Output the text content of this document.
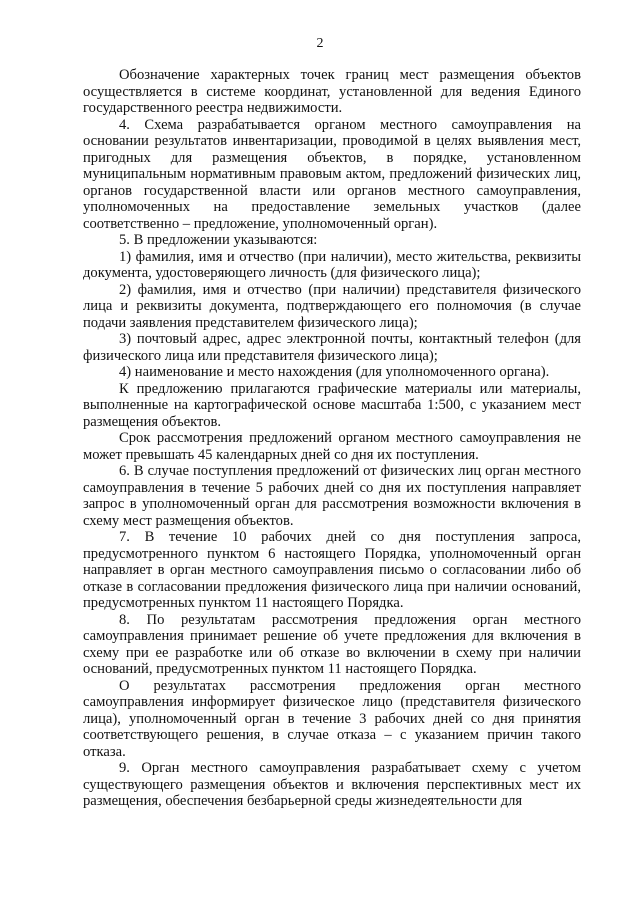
2

Обозначение характерных точек границ мест размещения объектов осуществляется в системе координат, установленной для ведения Единого государственного реестра недвижимости.

4. Схема разрабатывается органом местного самоуправления на основании результатов инвентаризации, проводимой в целях выявления мест, пригодных для размещения объектов, в порядке, установленном муниципальным нормативным правовым актом, предложений физических лиц, органов государственной власти или органов местного самоуправления, уполномоченных на предоставление земельных участков (далее соответственно – предложение, уполномоченный орган).

5. В предложении указываются:

1) фамилия, имя и отчество (при наличии), место жительства, реквизиты документа, удостоверяющего личность (для физического лица);

2) фамилия, имя и отчество (при наличии) представителя физического лица и реквизиты документа, подтверждающего его полномочия (в случае подачи заявления представителем физического лица);

3) почтовый адрес, адрес электронной почты, контактный телефон (для физического лица или представителя физического лица);

4) наименование и место нахождения (для уполномоченного органа).

К предложению прилагаются графические материалы или материалы, выполненные на картографической основе масштаба 1:500, с указанием мест размещения объектов.

Срок рассмотрения предложений органом местного самоуправления не может превышать 45 календарных дней со дня их поступления.

6. В случае поступления предложений от физических лиц орган местного самоуправления в течение 5 рабочих дней со дня их поступления направляет запрос в уполномоченный орган для рассмотрения возможности включения в схему мест размещения объектов.

7. В течение 10 рабочих дней со дня поступления запроса, предусмотренного пунктом 6 настоящего Порядка, уполномоченный орган направляет в орган местного самоуправления письмо о согласовании либо об отказе в согласовании предложения физического лица при наличии оснований, предусмотренных пунктом 11 настоящего Порядка.

8. По результатам рассмотрения предложения орган местного самоуправления принимает решение об учете предложения для включения в схему при ее разработке или об отказе во включении в схему при наличии оснований, предусмотренных пунктом 11 настоящего Порядка.

О результатах рассмотрения предложения орган местного самоуправления информирует физическое лицо (представителя физического лица), уполномоченный орган в течение 3 рабочих дней со дня принятия соответствующего решения, в случае отказа – с указанием причин такого отказа.

9. Орган местного самоуправления разрабатывает схему с учетом существующего размещения объектов и включения перспективных мест их размещения, обеспечения безбарьерной среды жизнедеятельности для
